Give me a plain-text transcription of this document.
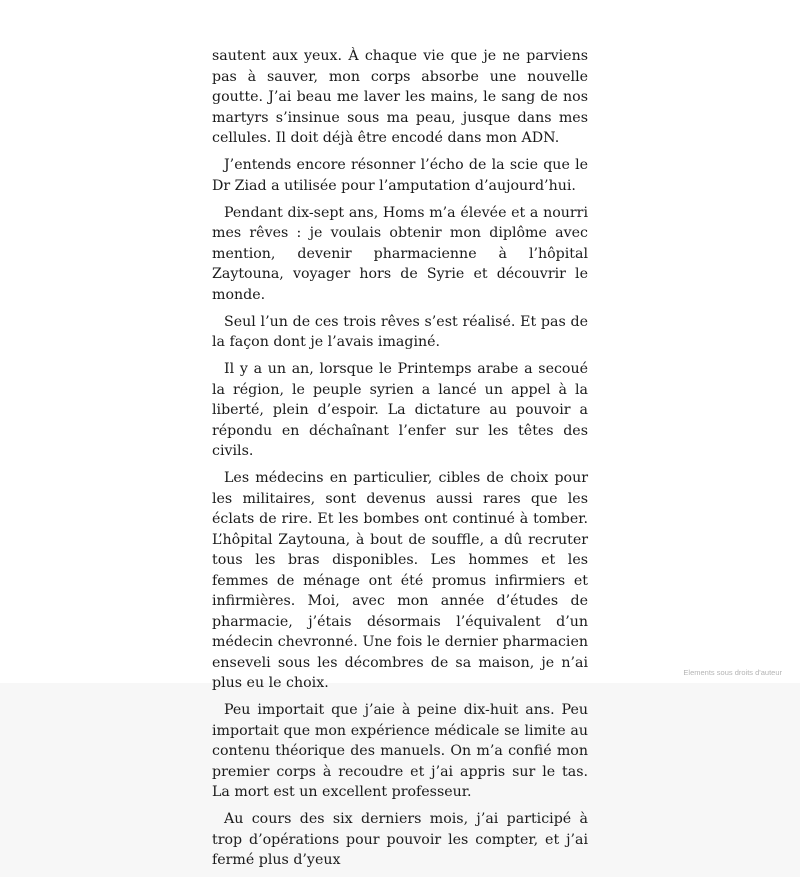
sautent aux yeux. À chaque vie que je ne parviens pas à sauver, mon corps absorbe une nouvelle goutte. J’ai beau me laver les mains, le sang de nos martyrs s’insinue sous ma peau, jusque dans mes cellules. Il doit déjà être encodé dans mon ADN.

J’entends encore résonner l’écho de la scie que le Dr Ziad a utilisée pour l’amputation d’aujourd’hui.

Pendant dix-sept ans, Homs m’a élevée et a nourri mes rêves : je voulais obtenir mon diplôme avec mention, devenir pharmacienne à l’hôpital Zaytouna, voyager hors de Syrie et découvrir le monde.

Seul l’un de ces trois rêves s’est réalisé. Et pas de la façon dont je l’avais imaginé.

Il y a un an, lorsque le Printemps arabe a secoué la région, le peuple syrien a lancé un appel à la liberté, plein d’espoir. La dictature au pouvoir a répondu en déchaînant l’enfer sur les têtes des civils.

Les médecins en particulier, cibles de choix pour les militaires, sont devenus aussi rares que les éclats de rire. Et les bombes ont continué à tomber. L’hôpital Zaytouna, à bout de souffle, a dû recruter tous les bras disponibles. Les hommes et les femmes de ménage ont été promus infirmiers et infirmières. Moi, avec mon année d’études de pharmacie, j’étais désormais l’équivalent d’un médecin chevronné. Une fois le dernier pharmacien enseveli sous les décombres de sa maison, je n’ai plus eu le choix.

Peu importait que j’aie à peine dix-huit ans. Peu importait que mon expérience médicale se limite au contenu théorique des manuels. On m’a confié mon premier corps à recoudre et j’ai appris sur le tas. La mort est un excellent professeur.

Au cours des six derniers mois, j’ai participé à trop d’opérations pour pouvoir les compter, et j’ai fermé plus d’yeux

Elements sous droits d'auteur
